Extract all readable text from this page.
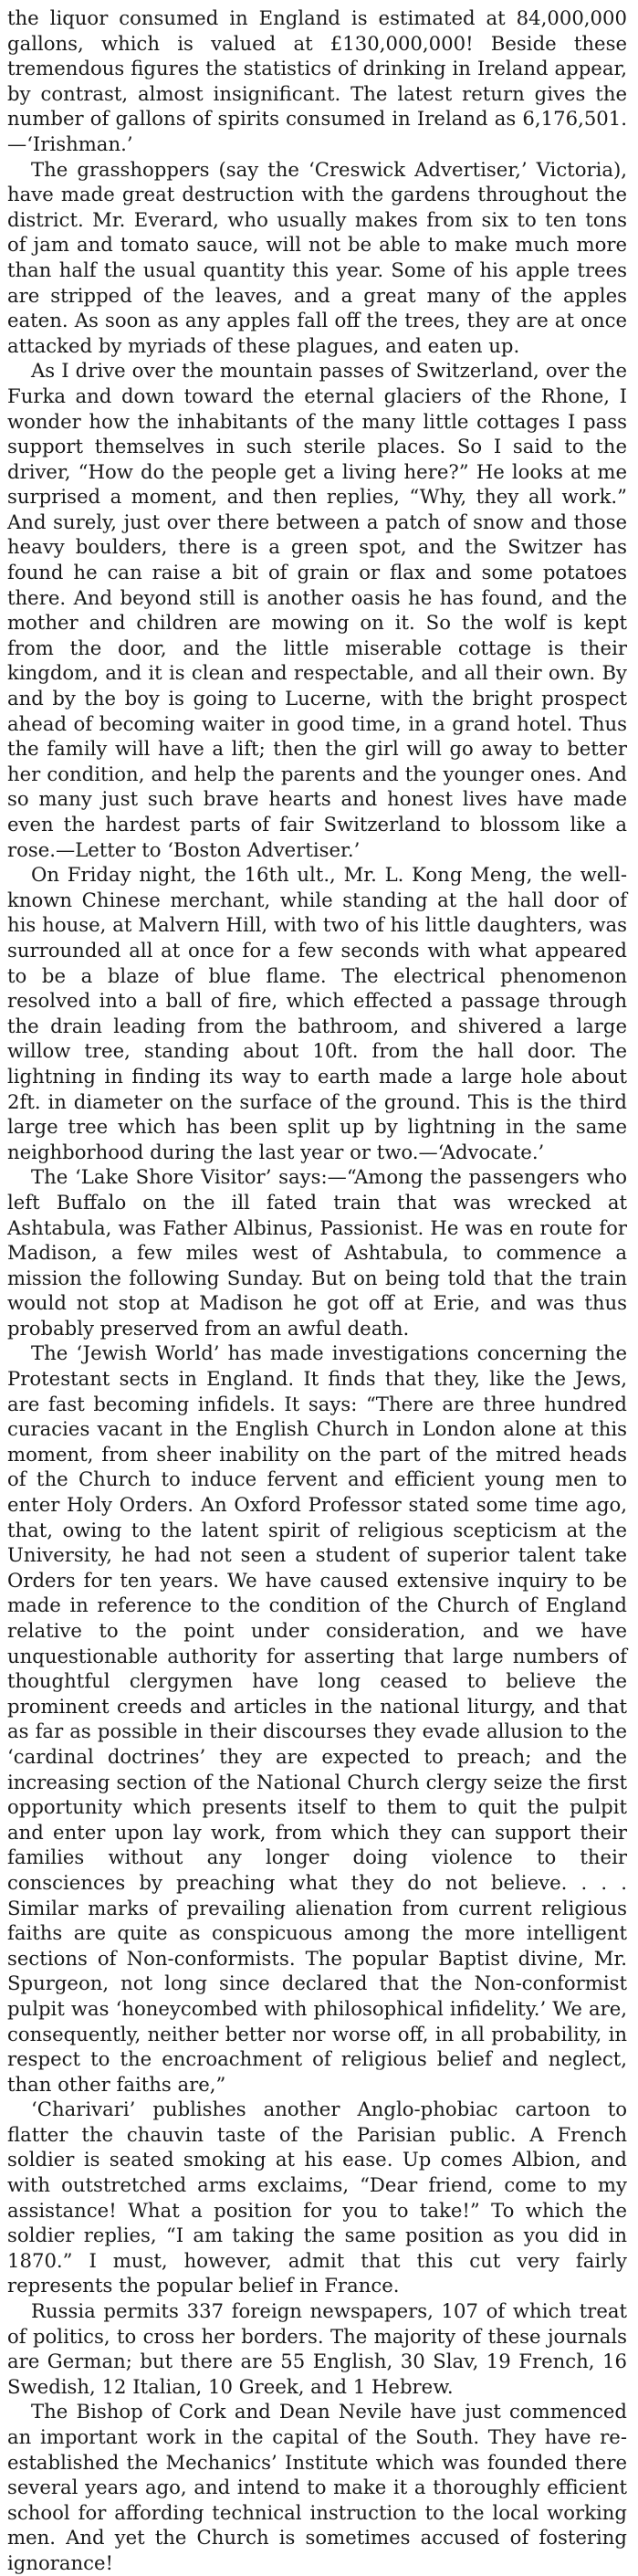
the liquor consumed in England is estimated at 84,000,000 gallons, which is valued at £130,000,000! Beside these tremendous figures the statistics of drinking in Ireland appear, by contrast, almost insignificant. The latest return gives the number of gallons of spirits consumed in Ireland as 6,176,501.—‘Irishman.’

The grasshoppers (say the ‘Creswick Advertiser,’ Victoria), have made great destruction with the gardens throughout the district. Mr. Everard, who usually makes from six to ten tons of jam and tomato sauce, will not be able to make much more than half the usual quantity this year. Some of his apple trees are stripped of the leaves, and a great many of the apples eaten. As soon as any apples fall off the trees, they are at once attacked by myriads of these plagues, and eaten up.

As I drive over the mountain passes of Switzerland, over the Furka and down toward the eternal glaciers of the Rhone, I wonder how the inhabitants of the many little cottages I pass support themselves in such sterile places. So I said to the driver, “How do the people get a living here?” He looks at me surprised a moment, and then replies, “Why, they all work.” And surely, just over there between a patch of snow and those heavy boulders, there is a green spot, and the Switzer has found he can raise a bit of grain or flax and some potatoes there. And beyond still is another oasis he has found, and the mother and children are mowing on it. So the wolf is kept from the door, and the little miserable cottage is their kingdom, and it is clean and respectable, and all their own. By and by the boy is going to Lucerne, with the bright prospect ahead of becoming waiter in good time, in a grand hotel. Thus the family will have a lift; then the girl will go away to better her condition, and help the parents and the younger ones. And so many just such brave hearts and honest lives have made even the hardest parts of fair Switzerland to blossom like a rose.—Letter to ‘Boston Advertiser.’

On Friday night, the 16th ult., Mr. L. Kong Meng, the well-known Chinese merchant, while standing at the hall door of his house, at Malvern Hill, with two of his little daughters, was surrounded all at once for a few seconds with what appeared to be a blaze of blue flame. The electrical phenomenon resolved into a ball of fire, which effected a passage through the drain leading from the bathroom, and shivered a large willow tree, standing about 10ft. from the hall door. The lightning in finding its way to earth made a large hole about 2ft. in diameter on the surface of the ground. This is the third large tree which has been split up by lightning in the same neighborhood during the last year or two.—‘Advocate.’

The ‘Lake Shore Visitor’ says:—“Among the passengers who left Buffalo on the ill fated train that was wrecked at Ashtabula, was Father Albinus, Passionist. He was en route for Madison, a few miles west of Ashtabula, to commence a mission the following Sunday. But on being told that the train would not stop at Madison he got off at Erie, and was thus probably preserved from an awful death.

The ‘Jewish World’ has made investigations concerning the Protestant sects in England. It finds that they, like the Jews, are fast becoming infidels. It says: “There are three hundred curacies vacant in the English Church in London alone at this moment, from sheer inability on the part of the mitred heads of the Church to induce fervent and efficient young men to enter Holy Orders. An Oxford Professor stated some time ago, that, owing to the latent spirit of religious scepticism at the University, he had not seen a student of superior talent take Orders for ten years. We have caused extensive inquiry to be made in reference to the condition of the Church of England relative to the point under consideration, and we have unquestionable authority for asserting that large numbers of thoughtful clergymen have long ceased to believe the prominent creeds and articles in the national liturgy, and that as far as possible in their discourses they evade allusion to the ‘cardinal doctrines’ they are expected to preach; and the increasing section of the National Church clergy seize the first opportunity which presents itself to them to quit the pulpit and enter upon lay work, from which they can support their families without any longer doing violence to their consciences by preaching what they do not believe. . . . Similar marks of prevailing alienation from current religious faiths are quite as conspicuous among the more intelligent sections of Non-conformists. The popular Baptist divine, Mr. Spurgeon, not long since declared that the Non-conformist pulpit was ‘honeycombed with philosophical infidelity.’ We are, consequently, neither better nor worse off, in all probability, in respect to the encroachment of religious belief and neglect, than other faiths are,”

‘Charivari’ publishes another Anglo-phobiac cartoon to flatter the chauvin taste of the Parisian public. A French soldier is seated smoking at his ease. Up comes Albion, and with outstretched arms exclaims, “Dear friend, come to my assistance! What a position for you to take!” To which the soldier replies, “I am taking the same position as you did in 1870.” I must, however, admit that this cut very fairly represents the popular belief in France.

Russia permits 337 foreign newspapers, 107 of which treat of politics, to cross her borders. The majority of these journals are German; but there are 55 English, 30 Slav, 19 French, 16 Swedish, 12 Italian, 10 Greek, and 1 Hebrew.

The Bishop of Cork and Dean Nevile have just commenced an important work in the capital of the South. They have re-established the Mechanics’ Institute which was founded there several years ago, and intend to make it a thoroughly efficient school for affording technical instruction to the local working men. And yet the Church is sometimes accused of fostering ignorance!
